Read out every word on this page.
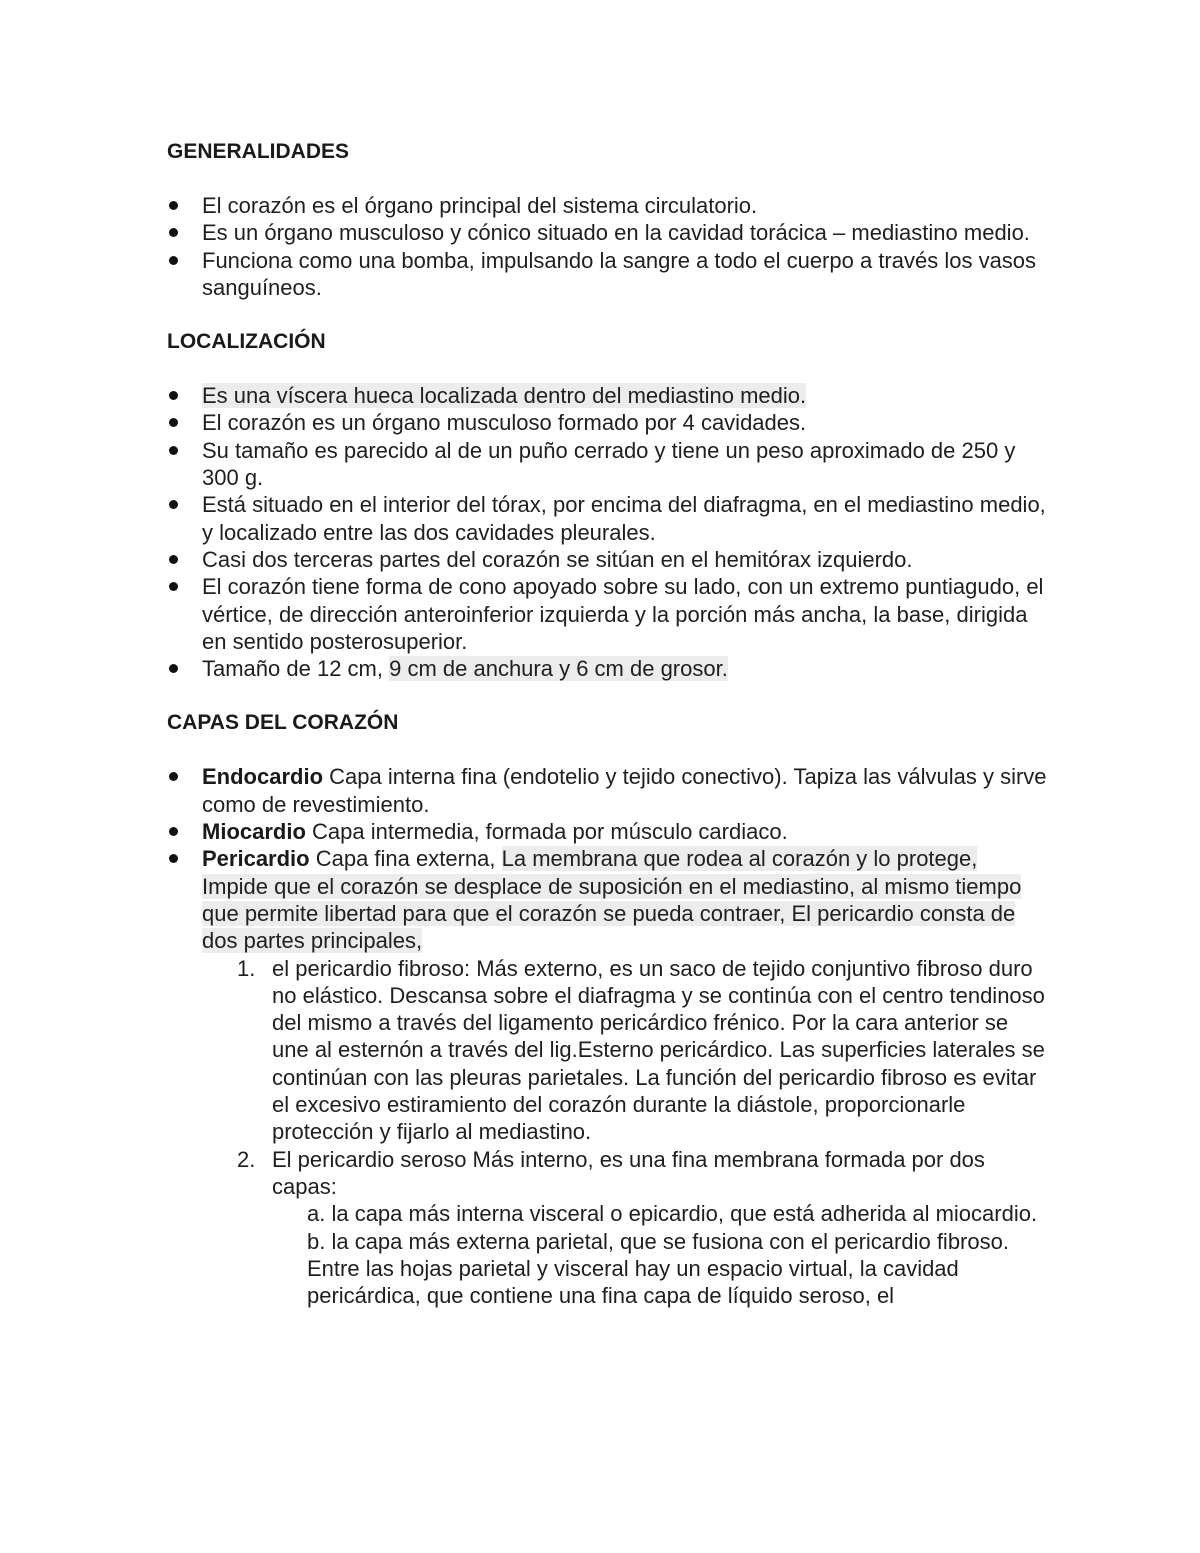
GENERALIDADES
El corazón es el órgano principal del sistema circulatorio.
Es un órgano musculoso y cónico situado en la cavidad torácica – mediastino medio.
Funciona como una bomba, impulsando la sangre a todo el cuerpo a través los vasos sanguíneos.
LOCALIZACIÓN
Es una víscera hueca localizada dentro del mediastino medio.
El corazón es un órgano musculoso formado por 4 cavidades.
Su tamaño es parecido al de un puño cerrado y tiene un peso aproximado de 250 y 300 g.
Está situado en el interior del tórax, por encima del diafragma, en el mediastino medio, y localizado entre las dos cavidades pleurales.
Casi dos terceras partes del corazón se sitúan en el hemitórax izquierdo.
El corazón tiene forma de cono apoyado sobre su lado, con un extremo puntiagudo, el vértice, de dirección anteroinferior izquierda y la porción más ancha, la base, dirigida en sentido posterosuperior.
Tamaño de 12 cm, 9 cm de anchura y 6 cm de grosor.
CAPAS DEL CORAZÓN
Endocardio Capa interna fina (endotelio y tejido conectivo). Tapiza las válvulas y sirve como de revestimiento.
Miocardio Capa intermedia, formada por músculo cardiaco.
Pericardio Capa fina externa, La membrana que rodea al corazón y lo protege, Impide que el corazón se desplace de suposición en el mediastino, al mismo tiempo que permite libertad para que el corazón se pueda contraer, El pericardio consta de dos partes principales,
1. el pericardio fibroso: Más externo, es un saco de tejido conjuntivo fibroso duro no elástico. Descansa sobre el diafragma y se continúa con el centro tendinoso del mismo a través del ligamento pericárdico frénico. Por la cara anterior se une al esternón a través del lig.Esterno pericárdico. Las superficies laterales se continúan con las pleuras parietales. La función del pericardio fibroso es evitar el excesivo estiramiento del corazón durante la diástole, proporcionarle protección y fijarlo al mediastino.
2. El pericardio seroso Más interno, es una fina membrana formada por dos capas:
a. la capa más interna visceral o epicardio, que está adherida al miocardio.
b. la capa más externa parietal, que se fusiona con el pericardio fibroso. Entre las hojas parietal y visceral hay un espacio virtual, la cavidad pericárdica, que contiene una fina capa de líquido seroso, el
